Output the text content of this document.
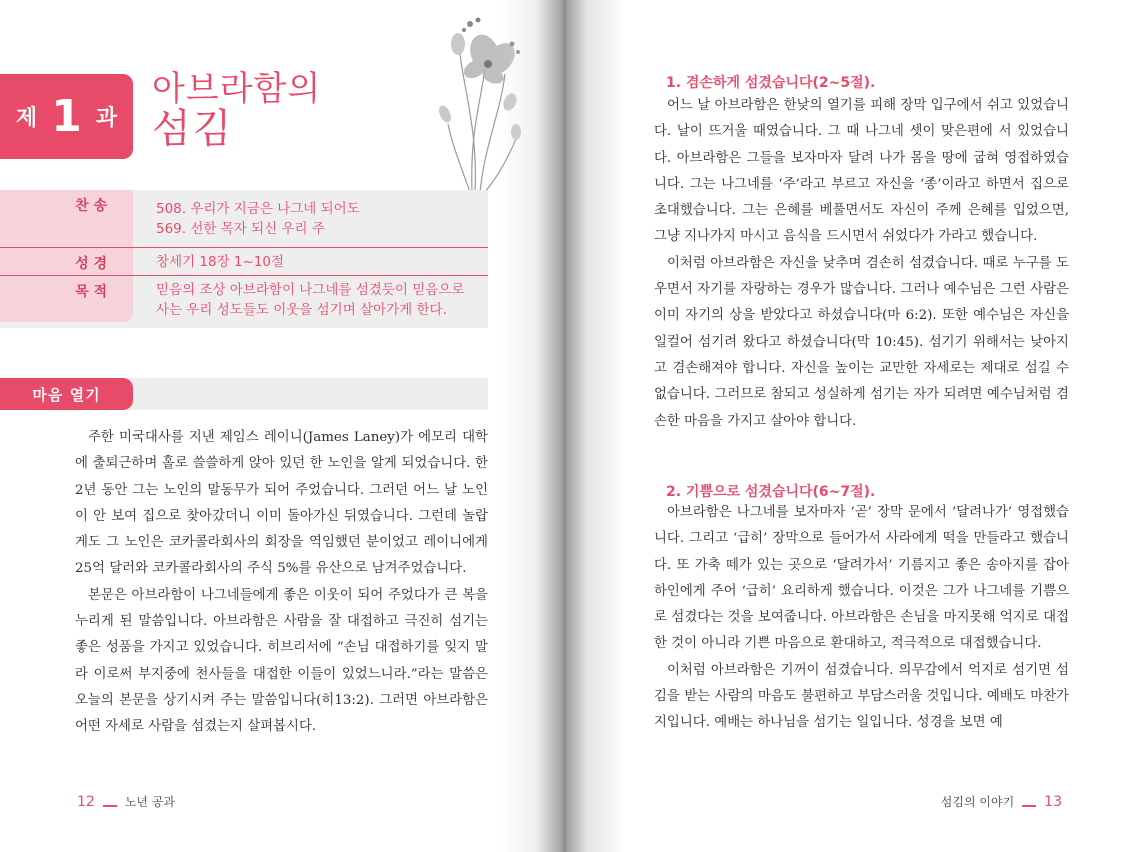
제 1 과
아브라함의
섬김
찬 송	508. 우리가 지금은 나그네 되어도
569. 선한 목자 되신 우리 주
성 경	창세기 18장 1~10절
목 적	믿음의 조상 아브라함이 나그네를 섬겼듯이 믿음으로
사는 우리 성도들도 이웃을 섬기며 살아가게 한다.
마음 열기

주한 미국대사를 지낸 제임스 레이니(James Laney)가 에모리 대학에 출퇴근하며 홀로 쓸쓸하게 앉아 있던 한 노인을 알게 되었습니다. 한 2년 동안 그는 노인의 말동무가 되어 주었습니다. 그러던 어느 날 노인이 안 보여 집으로 찾아갔더니 이미 돌아가신 뒤였습니다. 그런데 놀랍게도 그 노인은 코카콜라회사의 회장을 역임했던 분이었고 레이니에게 25억 달러와 코카콜라회사의 주식 5%를 유산으로 남겨주었습니다.

본문은 아브라함이 나그네들에게 좋은 이웃이 되어 주었다가 큰 복을 누리게 된 말씀입니다. 아브라함은 사람을 잘 대접하고 극진히 섬기는 좋은 성품을 가지고 있었습니다. 히브리서에 “손님 대접하기를 잊지 말라 이로써 부지중에 천사들을 대접한 이들이 있었느니라.”라는 말씀은 오늘의 본문을 상기시켜 주는 말씀입니다(히13:2). 그러면 아브라함은 어떤 자세로 사람을 섬겼는지 살펴봅시다.

12	노년 공과
1. 겸손하게 섬겼습니다(2~5절).

어느 날 아브라함은 한낮의 열기를 피해 장막 입구에서 쉬고 있었습니다. 날이 뜨거울 때였습니다. 그 때 나그네 셋이 맞은편에 서 있었습니다. 아브라함은 그들을 보자마자 달려 나가 몸을 땅에 굽혀 영접하였습니다. 그는 나그네를 ‘주’라고 부르고 자신을 ‘종’이라고 하면서 집으로 초대했습니다. 그는 은혜를 베풀면서도 자신이 주께 은혜를 입었으면, 그냥 지나가지 마시고 음식을 드시면서 쉬었다가 가라고 했습니다.

이처럼 아브라함은 자신을 낮추며 겸손히 섬겼습니다. 때로 누구를 도우면서 자기를 자랑하는 경우가 많습니다. 그러나 예수님은 그런 사람은 이미 자기의 상을 받았다고 하셨습니다(마 6:2). 또한 예수님은 자신을 일컬어 섬기려 왔다고 하셨습니다(막 10:45). 섬기기 위해서는 낮아지고 겸손해져야 합니다. 자신을 높이는 교만한 자세로는 제대로 섬길 수 없습니다. 그러므로 참되고 성실하게 섬기는 자가 되려면 예수님처럼 겸손한 마음을 가지고 살아야 합니다.

2. 기쁨으로 섬겼습니다(6~7절).

아브라함은 나그네를 보자마자 ‘곧’ 장막 문에서 ‘달려나가’ 영접했습니다. 그리고 ‘급히’ 장막으로 들어가서 사라에게 떡을 만들라고 했습니다. 또 가축 떼가 있는 곳으로 ‘달려가서’ 기름지고 좋은 송아지를 잡아 하인에게 주어 ‘급히’ 요리하게 했습니다. 이것은 그가 나그네를 기쁨으로 섬겼다는 것을 보여줍니다. 아브라함은 손님을 마지못해 억지로 대접한 것이 아니라 기쁜 마음으로 환대하고, 적극적으로 대접했습니다.

이처럼 아브라함은 기꺼이 섬겼습니다. 의무감에서 억지로 섬기면 섬김을 받는 사람의 마음도 불편하고 부담스러울 것입니다. 예배도 마찬가지입니다. 예배는 하나님을 섬기는 일입니다. 성경을 보면 예

섬김의 이야기 13
